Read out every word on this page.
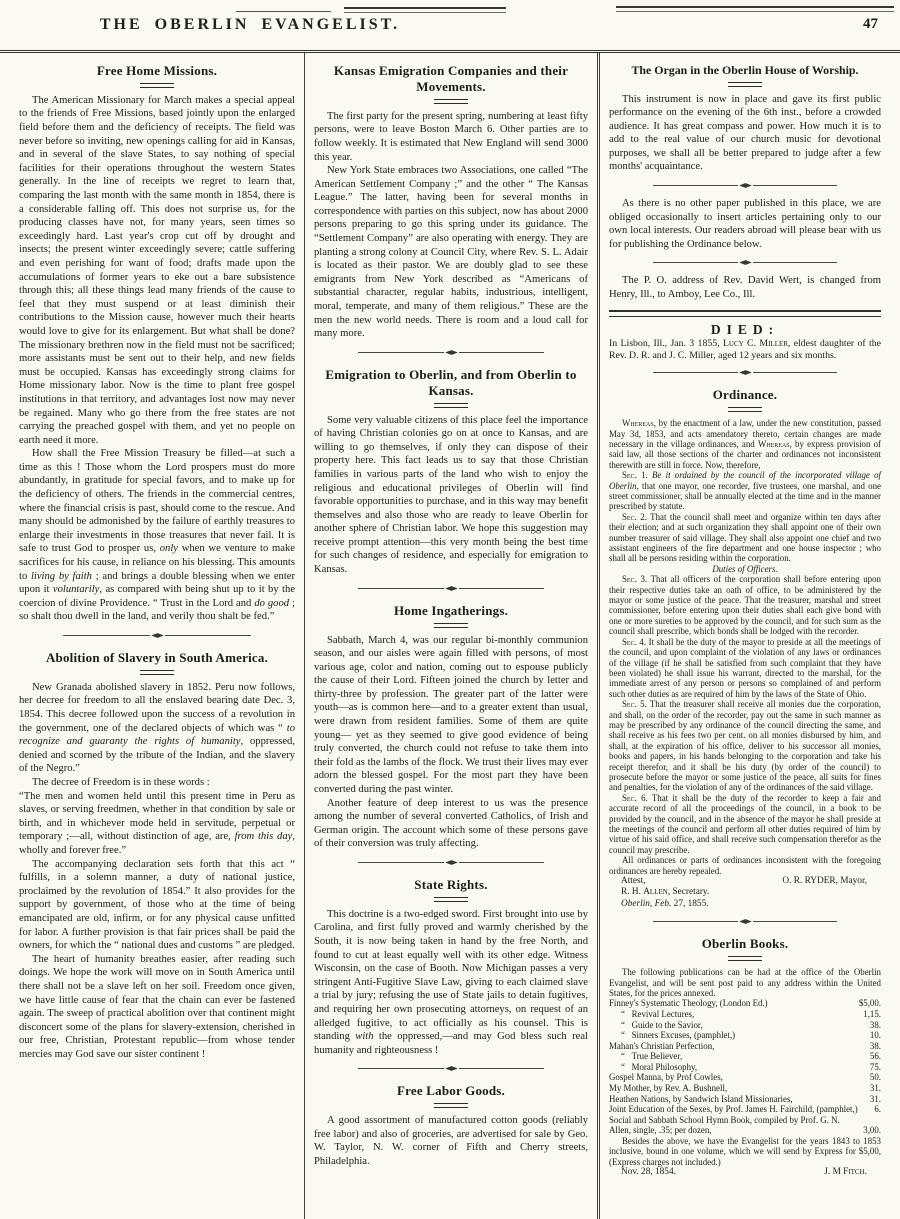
THE OBERLIN EVANGELIST.	47
Free Home Missions.

The American Missionary for March makes a special appeal to the friends of Free Missions, based jointly upon the enlarged field before them and the deficiency of receipts. The field was never before so inviting, new openings calling for aid in Kansas, and in several of the slave States, to say nothing of special facilities for their operations throughout the western States generally. In the line of receipts we regret to learn that, comparing the last month with the same month in 1854, there is a considerable falling off. This does not surprise us, for the producing classes have not, for many years, seen times so exceedingly hard. Last year's crop cut off by drought and insects; the present winter exceedingly severe; cattle suffering and even perishing for want of food; drafts made upon the accumulations of former years to eke out a bare subsistence through this; all these things lead many friends of the cause to feel that they must suspend or at least diminish their contributions to the Mission cause, however much their hearts would love to give for its enlargement. But what shall be done? The missionary brethren now in the field must not be sacrificed; more assistants must be sent out to their help, and new fields must be occupied. Kansas has exceedingly strong claims for Home missionary labor. Now is the time to plant free gospel institutions in that territory, and advantages lost now may never be regained. Many who go there from the free states are not carrying the preached gospel with them, and yet no people on earth need it more.

How shall the Free Mission Treasury be filled—at such a time as this ! Those whom the Lord prospers must do more abundantly, in gratitude for special favors, and to make up for the deficiency of others. The friends in the commercial centres, where the financial crisis is past, should come to the rescue. And many should be admonished by the failure of earthly treasures to enlarge their investments in those treasures that never fail. It is safe to trust God to prosper us, only when we venture to make sacrifices for his cause, in reliance on his blessing. This amounts to living by faith ; and brings a double blessing when we enter upon it voluntarily, as compared with being shut up to it by the coercion of divine Providence. “ Trust in the Lord and do good ; so shalt thou dwell in the land, and verily thou shalt be fed.”

Abolition of Slavery in South America.

New Granada abolished slavery in 1852. Peru now follows, her decree for freedom to all the enslaved bearing date Dec. 3, 1854. This decree followed upon the success of a revolution in the government, one of the declared objects of which was “ to recognize and guaranty the rights of humanity, oppressed, denied and scorned by the tribute of the Indian, and the slavery of the Negro.”

The decree of Freedom is in these words :

“The men and women held until this present time in Peru as slaves, or serving freedmen, whether in that condition by sale or birth, and in whichever mode held in servitude, perpetual or temporary ;—all, without distinction of age, are, from this day, wholly and forever free.”

The accompanying declaration sets forth that this act “ fulfills, in a solemn manner, a duty of national justice, proclaimed by the revolution of 1854.” It also provides for the support by government, of those who at the time of being emancipated are old, infirm, or for any physical cause unfitted for labor. A further provision is that fair prices shall be paid the owners, for which the “ national dues and customs ” are pledged.

The heart of humanity breathes easier, after reading such doings. We hope the work will move on in South America until there shall not be a slave left on her soil. Freedom once given, we have little cause of fear that the chain can ever be fastened again. The sweep of practical abolition over that continent might disconcert some of the plans for slavery-extension, cherished in our free, Christian, Protestant republic—from whose tender mercies may God save our sister continent !

Kansas Emigration Companies and their Movements.

The first party for the present spring, numbering at least fifty persons, were to leave Boston March 6. Other parties are to follow weekly. It is estimated that New England will send 3000 this year.

New York State embraces two Associations, one called “The American Settlement Company ;” and the other “ The Kansas League.” The latter, having been for several months in correspondence with parties on this subject, now has about 2000 persons preparing to go this spring under its guidance. The “Settlement Company” are also operating with energy. They are planting a strong colony at Council City, where Rev. S. L. Adair is located as their pastor. We are doubly glad to see these emigrants from New York described as “Americans of substantial character, regular habits, industrious, intelligent, moral, temperate, and many of them religious.” These are the men the new world needs. There is room and a loud call for many more.

Emigration to Oberlin, and from Oberlin to Kansas.

Some very valuable citizens of this place feel the importance of having Christian colonies go on at once to Kansas, and are willing to go themselves, if only they can dispose of their property here. This fact leads us to say that those Christian families in various parts of the land who wish to enjoy the religious and educational privileges of Oberlin will find favorable opportunities to purchase, and in this way may benefit themselves and also those who are ready to leave Oberlin for another sphere of Christian labor. We hope this suggestion may receive prompt attention—this very month being the best time for such changes of residence, and especially for emigration to Kansas.

Home Ingatherings.

Sabbath, March 4, was our regular bi-monthly communion season, and our aisles were again filled with persons, of most various age, color and nation, coming out to espouse publicly the cause of their Lord. Fifteen joined the church by letter and thirty-three by profession. The greater part of the latter were youth—as is common here—and to a greater extent than usual, were drawn from resident families. Some of them are quite young— yet as they seemed to give good evidence of being truly converted, the church could not refuse to take them into their fold as the lambs of the flock. We trust their lives may ever adorn the blessed gospel. For the most part they have been converted during the past winter.

Another feature of deep interest to us was the presence among the number of several converted Catholics, of Irish and German origin. The account which some of these persons gave of their conversion was truly affecting.

State Rights.

This doctrine is a two-edged sword. First brought into use by Carolina, and first fully proved and warmly cherished by the South, it is now being taken in hand by the free North, and found to cut at least equally well with its other edge. Witness Wisconsin, on the case of Booth. Now Michigan passes a very stringent Anti-Fugitive Slave Law, giving to each claimed slave a trial by jury; refusing the use of State jails to detain fugitives, and requiring her own prosecuting attorneys, on request of an alledged fugitive, to act officially as his counsel. This is standing with the oppressed,—and may God bless such real humanity and righteousness !

Free Labor Goods.

A good assortment of manufactured cotton goods (reliably free labor) and also of groceries, are advertised for sale by Geo. W. Taylor, N. W. corner of Fifth and Cherry streets, Philadelphia.

The Organ in the Oberlin House of Worship.

This instrument is now in place and gave its first public performance on the evening of the 6th inst., before a crowded audience. It has great compass and power. How much it is to add to the real value of our church music for devotional purposes, we shall all be better prepared to judge after a few months' acquaintance.

As there is no other paper published in this place, we are obliged occasionally to insert articles pertaining only to our own local interests. Our readers abroad will please bear with us for publishing the Ordinance below.

The P. O. address of Rev. David Wert, is changed from Henry, Ill., to Amboy, Lee Co., Ill.

DIED:

In Lisbon, Ill., Jan. 3 1855, Lucy C. Miller, eldest daughter of the Rev. D. R. and J. C. Miller, aged 12 years and six months.

Ordinance.

Whereas, by the enactment of a law, under the new constitution, passed May 3d, 1853, and acts amendatory thereto, certain changes are made necessary in the village ordinances, and Whereas, by express provision of said law, all those sections of the charter and ordinances not inconsistent therewith are still in force. Now, therefore,

Sec. 1. Be it ordained by the council of the incorporated village of Oberlin, that one mayor, one recorder, five trustees, one marshal, and one street commissioner, shall be annually elected at the time and in the manner prescribed by statute.

Sec. 2. That the council shall meet and organize within ten days after their election; and at such organization they shall appoint one of their own number treasurer of said village. They shall also appoint one chief and two assistant engineers of the fire department and one house inspector ; who shall all be persons residing within the corporation.

Duties of Officers.

Sec. 3. That all officers of the corporation shall before entering upon their respective duties take an oath of office, to be administered by the mayor or some justice of the peace. That the treasurer, marshal and street commissioner, before entering upon their duties shall each give bond with one or more sureties to be approved by the council, and for such sum as the council shall prescribe, which bonds shall be lodged with the recorder.

Sec. 4. It shall be the duty of the mayor to preside at all the meetings of the council, and upon complaint of the violation of any laws or ordinances of the village (if he shall be satisfied from such complaint that they have been violated) he shall issue his warrant, directed to the marshal, for the immediate arrest of any person or persons so complained of and perform such other duties as are required of him by the laws of the State of Ohio.

Sec. 5. That the treasurer shall receive all monies due the corporation, and shall, on the order of the recorder, pay out the same in such manner as may be prescribed by any ordinance of the council directing the same, and shall receive as his fees two per cent. on all monies disbursed by him, and shall, at the expiration of his office, deliver to his successor all monies, books and papers, in his hands belonging to the corporation and take his receipt therefor, and it shall be his duty (by order of the council) to prosecute before the mayor or some justice of the peace, all suits for fines and penalties, for the violation of any of the ordinances of the said village.

Sec. 6. That it shall be the duty of the recorder to keep a fair and accurate record of all the proceedings of the council, in a book to be provided by the council, and in the absence of the mayor he shall preside at the meetings of the council and perform all other duties required of him by virtue of his said office, and shall receive such compensation therefor as the council may prescribe.

All ordinances or parts of ordinances inconsistent with the foregoing ordinances are hereby repealed.

Attest,	O. R. RYDER, Mayor,
R. H. Allen, Secretary.
Oberlin, Feb. 27, 1855.
Oberlin Books.

The following publications can be had at the office of the Oberlin Evangelist, and will be sent post paid to any address within the United States, for the prices annexed.

Finney's Systematic Theology, (London Ed.)	$5,00.
“   Revival Lectures,	1,15.
“   Guide to the Savior,	38.
“   Sinners Excuses, (pamphlet,)	10.
Mahan's Christian Perfection,	38.
“   True Believer,	56.
“   Moral Philosophy,	75.
Gospel Manna, by Prof Cowles,	50.
My Mother, by Rev. A. Bushnell,	31.
Heathen Nations, by Sandwich Island Missionaries,	31.
Joint Education of the Sexes, by Prof. James H. Fairchild, (pamphlet,)	6.
Social and Sabbath School Hymn Book, compiled by Prof. G. N. Allen, single, .35; per dozen,	3,00.

Besides the above, we have the Evangelist for the years 1843 to 1853 inclusive, bound in one volume, which we will send by Express for $5,00, (Express charges not included.)

Nov. 28, 1854.	J. M Fitch.
